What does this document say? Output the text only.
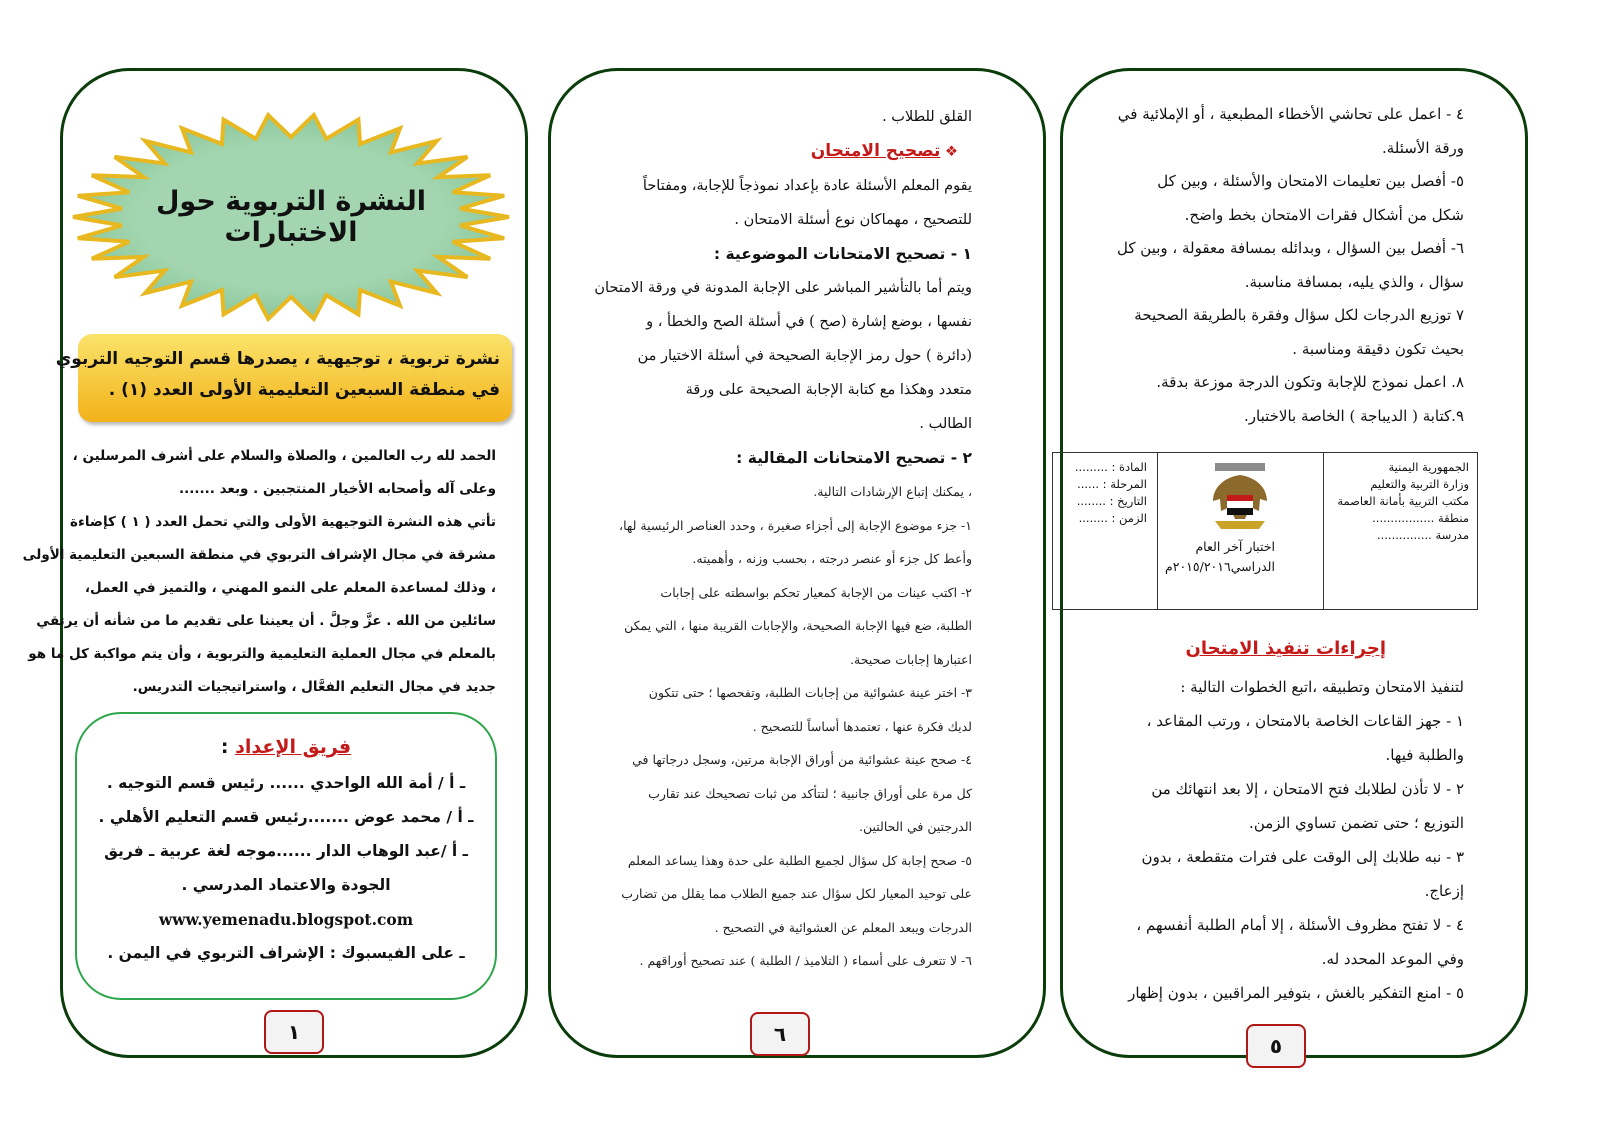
النشرة التربوية حول الاختبارات
نشرة تربوية ، توجيهية ، يصدرها قسم التوجيه التربوي
في منطقة السبعين التعليمية الأولى العدد (١) .
الحمد لله رب العالمين ، والصلاة والسلام على أشرف المرسلين ،
وعلى آله وأصحابه الأخيار المنتجبين . وبعد .......
تأتي هذه النشرة التوجيهية الأولى والتي تحمل العدد ( ١ ) كإضاءة
مشرقة في مجال الإشراف التربوي في منطقة السبعين التعليمية الأولى
، وذلك لمساعدة المعلم على النمو المهني ، والتميز في العمل،
سائلين من الله . عزَّ وجلَّ . أن يعيننا على تقديم ما من شأنه أن يرتقي
بالمعلم في مجال العملية التعليمية والتربوية ، وأن يتم مواكبة كل ما هو
جديد في مجال التعليم الفعَّال ، واستراتيجيات التدريس.
فريق الإعداد :
ـ أ / أمة الله الواحدي ...... رئيس قسم التوجيه .
ـ أ / محمد عوض .......رئيس قسم التعليم الأهلي .
ـ أ /عبد الوهاب الدار ......موجه لغة عربية ـ فريق
الجودة والاعتماد المدرسي .
www.yemenadu.blogspot.com
ـ على الفيسبوك : الإشراف التربوي في اليمن .
١
القلق للطلاب .
❖ تصحيح الامتحان
يقوم المعلم الأسئلة عادة بإعداد نموذجاً للإجابة، ومفتاحاً
للتصحيح ، مهماكان نوع أسئلة الامتحان .
١ - تصحيح الامتحانات الموضوعية :
ويتم أما بالتأشير المباشر على الإجابة المدونة في ورقة الامتحان
نفسها ، بوضع إشارة (صح ) في أسئلة الصح والخطأ ، و
(دائرة ) حول رمز الإجابة الصحيحة في أسئلة الاختيار من
متعدد وهكذا مع كتابة الإجابة الصحيحة على ورقة
الطالب .
٢ - تصحيح الامتحانات المقالية :
، يمكنك إتباع الإرشادات التالية.
١- جزء موضوع الإجابة إلى أجزاء صغيرة ، وحدد العناصر الرئيسية لها،
وأعط كل جزء أو عنصر درجته ، بحسب وزنه ، وأهميته.
٢- اكتب عينات من الإجابة كمعيار تحكم بواسطته على إجابات
الطلبة، ضع فيها الإجابة الصحيحة، والإجابات القريبة منها ، التي يمكن
اعتبارها إجابات صحيحة.
٣- اختر عينة عشوائية من إجابات الطلبة، وتفحصها ؛ حتى تتكون
لديك فكرة عنها ، تعتمدها أساساً للتصحيح .
٤- صحح عينة عشوائية من أوراق الإجابة مرتين، وسجل درجاتها في
كل مرة على أوراق جانبية ؛ لتتأكد من ثبات تصحيحك عند تقارب
الدرجتين في الحالتين.
٥- صحح إجابة كل سؤال لجميع الطلبة على حدة وهذا يساعد المعلم
على توحيد المعيار لكل سؤال عند جميع الطلاب مما يقلل من تضارب
الدرجات ويبعد المعلم عن العشوائية في التصحيح .
٦- لا تتعرف على أسماء ( التلاميذ / الطلبة ) عند تصحيح أوراقهم .
٦
٤ - اعمل على تحاشي الأخطاء المطبعية ، أو الإملائية في
ورقة الأسئلة.
٥- أفصل بين تعليمات الامتحان والأسئلة ، وبين كل
شكل من أشكال فقرات الامتحان بخط واضح.
٦- أفصل بين السؤال ، وبدائله بمسافة معقولة ، وبين كل
سؤال ، والذي يليه، بمسافة مناسبة.
٧ توزيع الدرجات لكل سؤال وفقرة بالطريقة الصحيحة
بحيث تكون دقيقة ومناسبة .
٨. اعمل نموذج للإجابة وتكون الدرجة موزعة بدقة.
٩.كتابة ( الديباجة ) الخاصة بالاختبار.
الجمهورية اليمنية
وزارة التربية والتعليم
مكتب التربية بأمانة العاصمة
منطقة .................
مدرسة ...............
اختبار آخر العام
الدراسي٢٠١٥/٢٠١٦م
المادة : .........
المرحلة : ......
التاريخ : ........
الزمن : ........
إجراءات تنفيذ الامتحان
لتنفيذ الامتحان وتطبيقه ،اتبع الخطوات التالية :
١ - جهز القاعات الخاصة بالامتحان ، ورتب المقاعد ،
والطلبة فيها.
٢ - لا تأذن لطلابك فتح الامتحان ، إلا بعد انتهائك من
التوزيع ؛ حتى تضمن تساوي الزمن.
٣ - نبه طلابك إلى الوقت على فترات متقطعة ، بدون
إزعاج.
٤ - لا تفتح مظروف الأسئلة ، إلا أمام الطلبة أنفسهم ،
وفي الموعد المحدد له.
٥ - امنع التفكير بالغش ، بتوفير المراقبين ، بدون إظهار
٥
